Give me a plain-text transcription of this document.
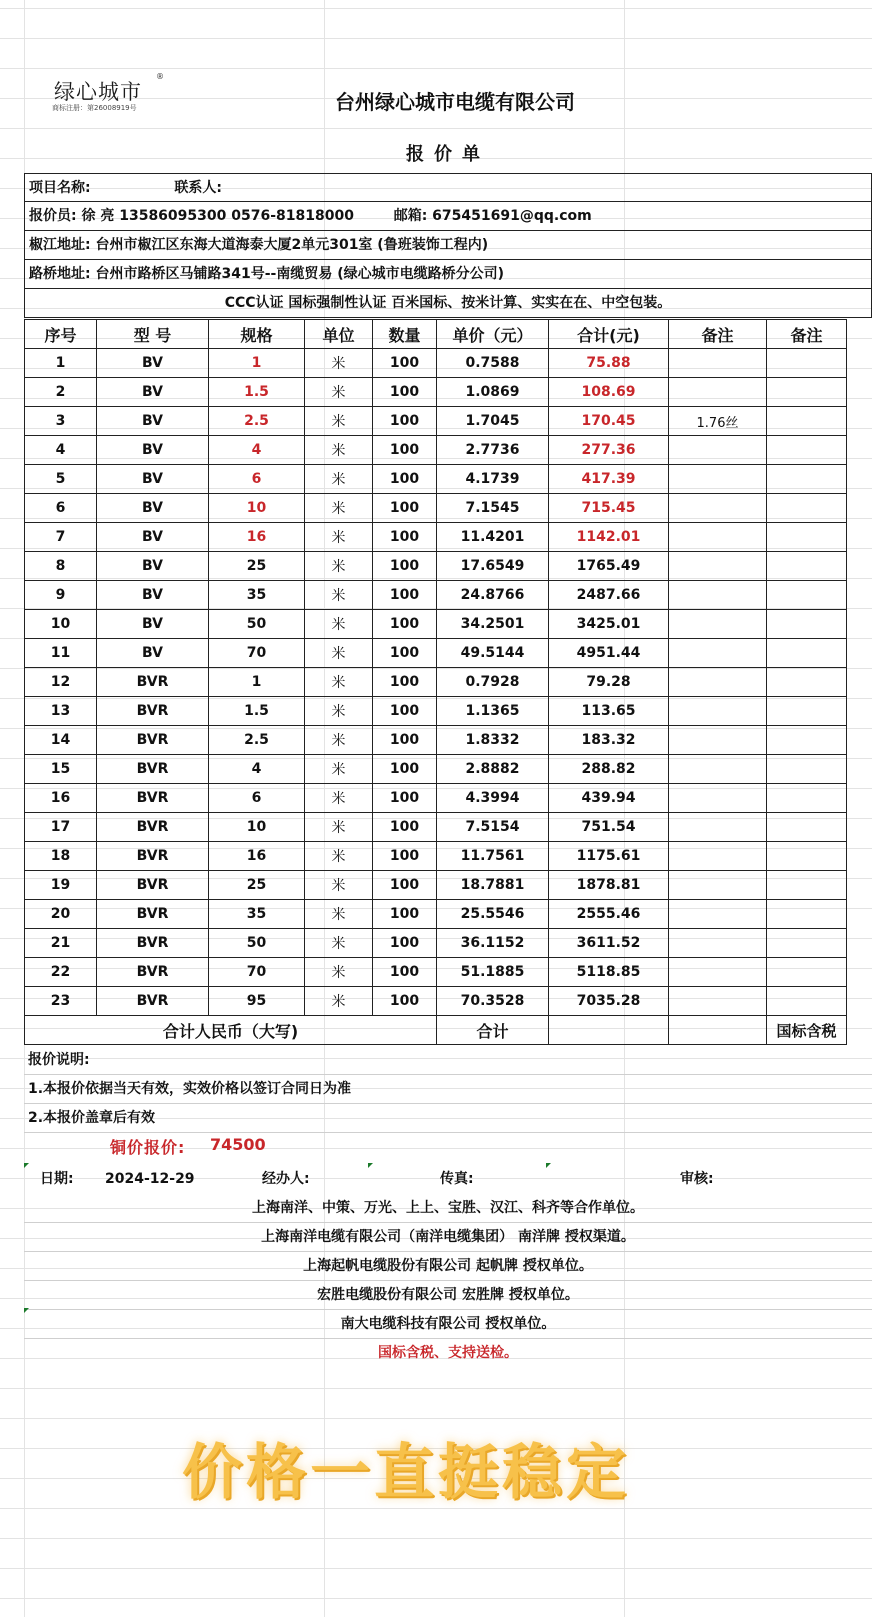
绿心城市
®
商标注册：第26008919号	台州绿心城市电缆有限公司
报价单
项目名称:	联系人:
报价员: 徐 亮 13586095300 0576-81818000	邮箱: 675451691@qq.com
椒江地址: 台州市椒江区东海大道海泰大厦2单元301室 (鲁班装饰工程内)
路桥地址: 台州市路桥区马铺路341号--南缆贸易 (绿心城市电缆路桥分公司)
CCC认证 国标强制性认证 百米国标、按米计算、实实在在、中空包装。
序号	型 号	规格	单位	数量	单价（元）	合计(元)	备注	备注
1	BV	1	米	100	0.7588	75.88		
2	BV	1.5	米	100	1.0869	108.69		
3	BV	2.5	米	100	1.7045	170.45	1.76丝	
4	BV	4	米	100	2.7736	277.36		
5	BV	6	米	100	4.1739	417.39		
6	BV	10	米	100	7.1545	715.45		
7	BV	16	米	100	11.4201	1142.01		
8	BV	25	米	100	17.6549	1765.49		
9	BV	35	米	100	24.8766	2487.66		
10	BV	50	米	100	34.2501	3425.01		
11	BV	70	米	100	49.5144	4951.44		
12	BVR	1	米	100	0.7928	79.28		
13	BVR	1.5	米	100	1.1365	113.65		
14	BVR	2.5	米	100	1.8332	183.32		
15	BVR	4	米	100	2.8882	288.82		
16	BVR	6	米	100	4.3994	439.94		
17	BVR	10	米	100	7.5154	751.54		
18	BVR	16	米	100	11.7561	1175.61		
19	BVR	25	米	100	18.7881	1878.81		
20	BVR	35	米	100	25.5546	2555.46		
21	BVR	50	米	100	36.1152	3611.52		
22	BVR	70	米	100	51.1885	5118.85		
23	BVR	95	米	100	70.3528	7035.28		
合计人民币（大写)					合计			国标含税
报价说明:
1.本报价依据当天有效，实效价格以签订合同日为准
2.本报价盖章后有效
铜价报价: 74500
日期: 2024-12-29	经办人:	传真:	审核:
上海南洋、中策、万光、上上、宝胜、汉江、科齐等合作单位。
上海南洋电缆有限公司（南洋电缆集团） 南洋牌 授权渠道。
上海起帆电缆股份有限公司 起帆牌 授权单位。
宏胜电缆股份有限公司 宏胜牌 授权单位。
南大电缆科技有限公司 授权单位。
国标含税、支持送检。
价格一直挺稳定
